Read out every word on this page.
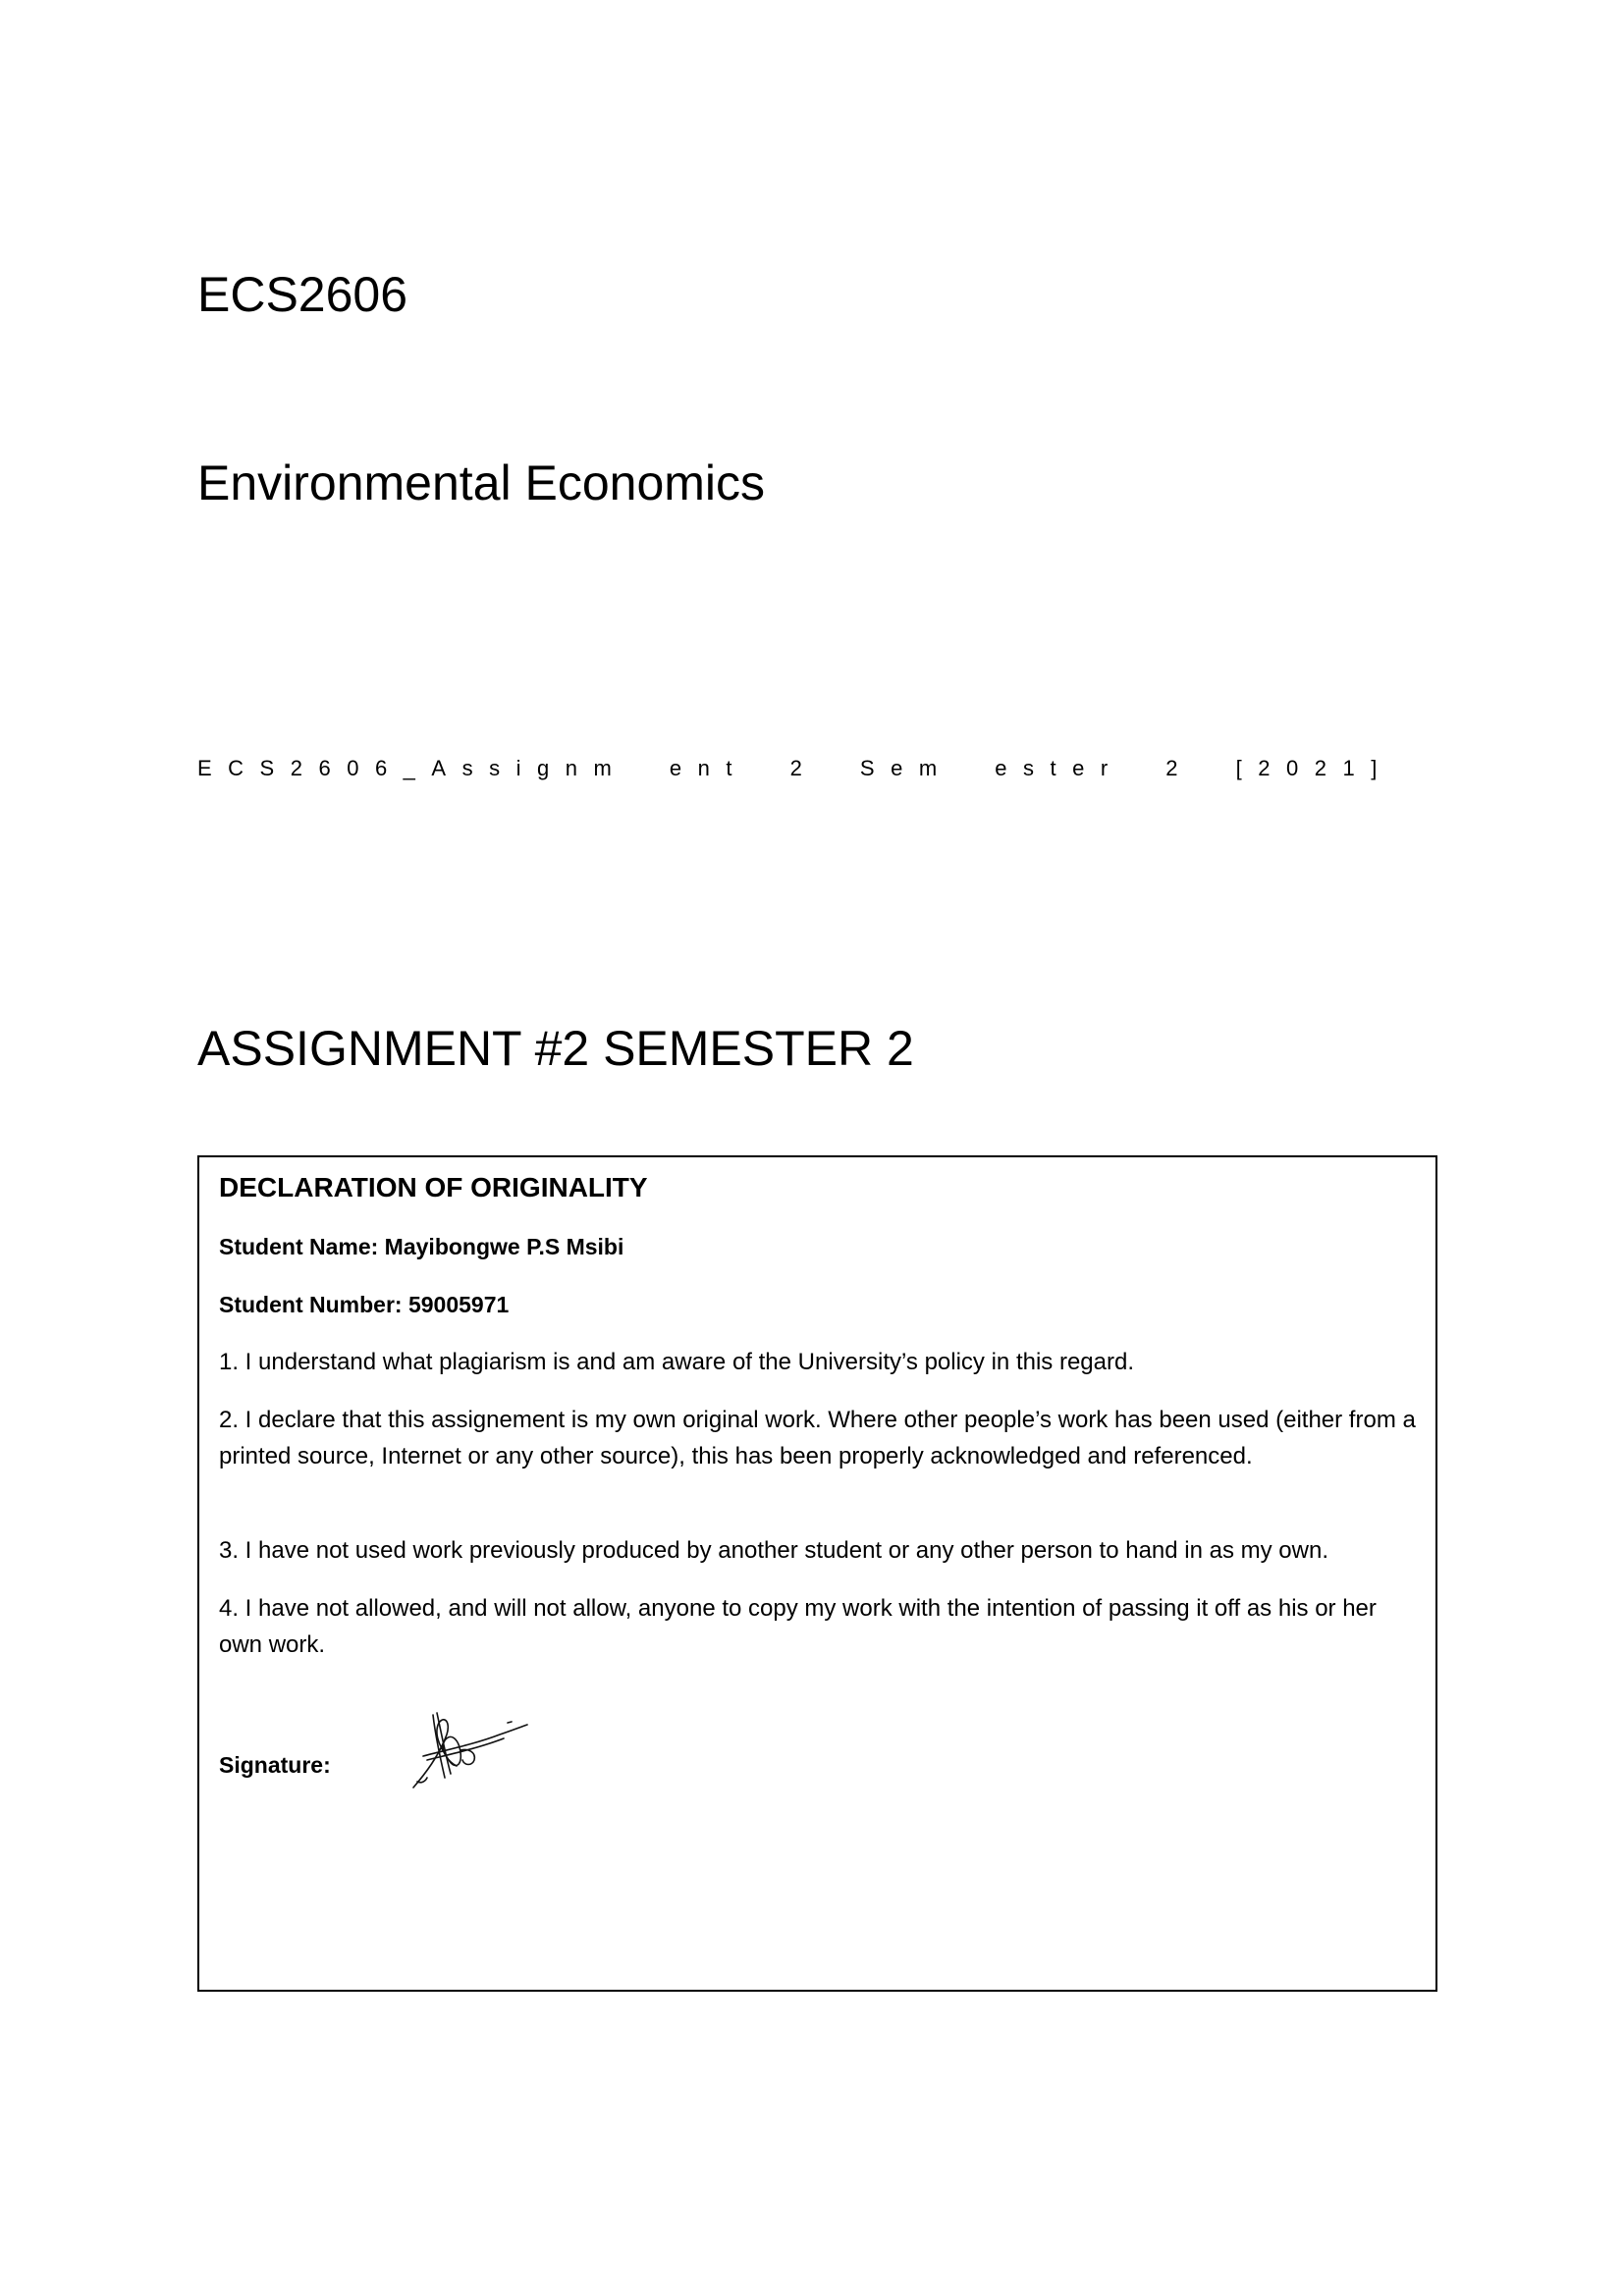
ECS2606
Environmental Economics

ECS2606_Assignm ent 2 Sem ester 2 [2021]

ASSIGNMENT #2 SEMESTER 2
DECLARATION OF ORIGINALITY

Student Name: Mayibongwe P.S Msibi

Student Number: 59005971

1. I understand what plagiarism is and am aware of the University’s policy in this regard.

2. I declare that this assignement is my own original work. Where other people’s work has been used (either from a printed source, Internet or any other source), this has been properly acknowledged and referenced.

3. I have not used work previously produced by another student or any other person to hand in as my own.

4. I have not allowed, and will not allow, anyone to copy my work with the intention of passing it off as his or her own work.

Signature:
